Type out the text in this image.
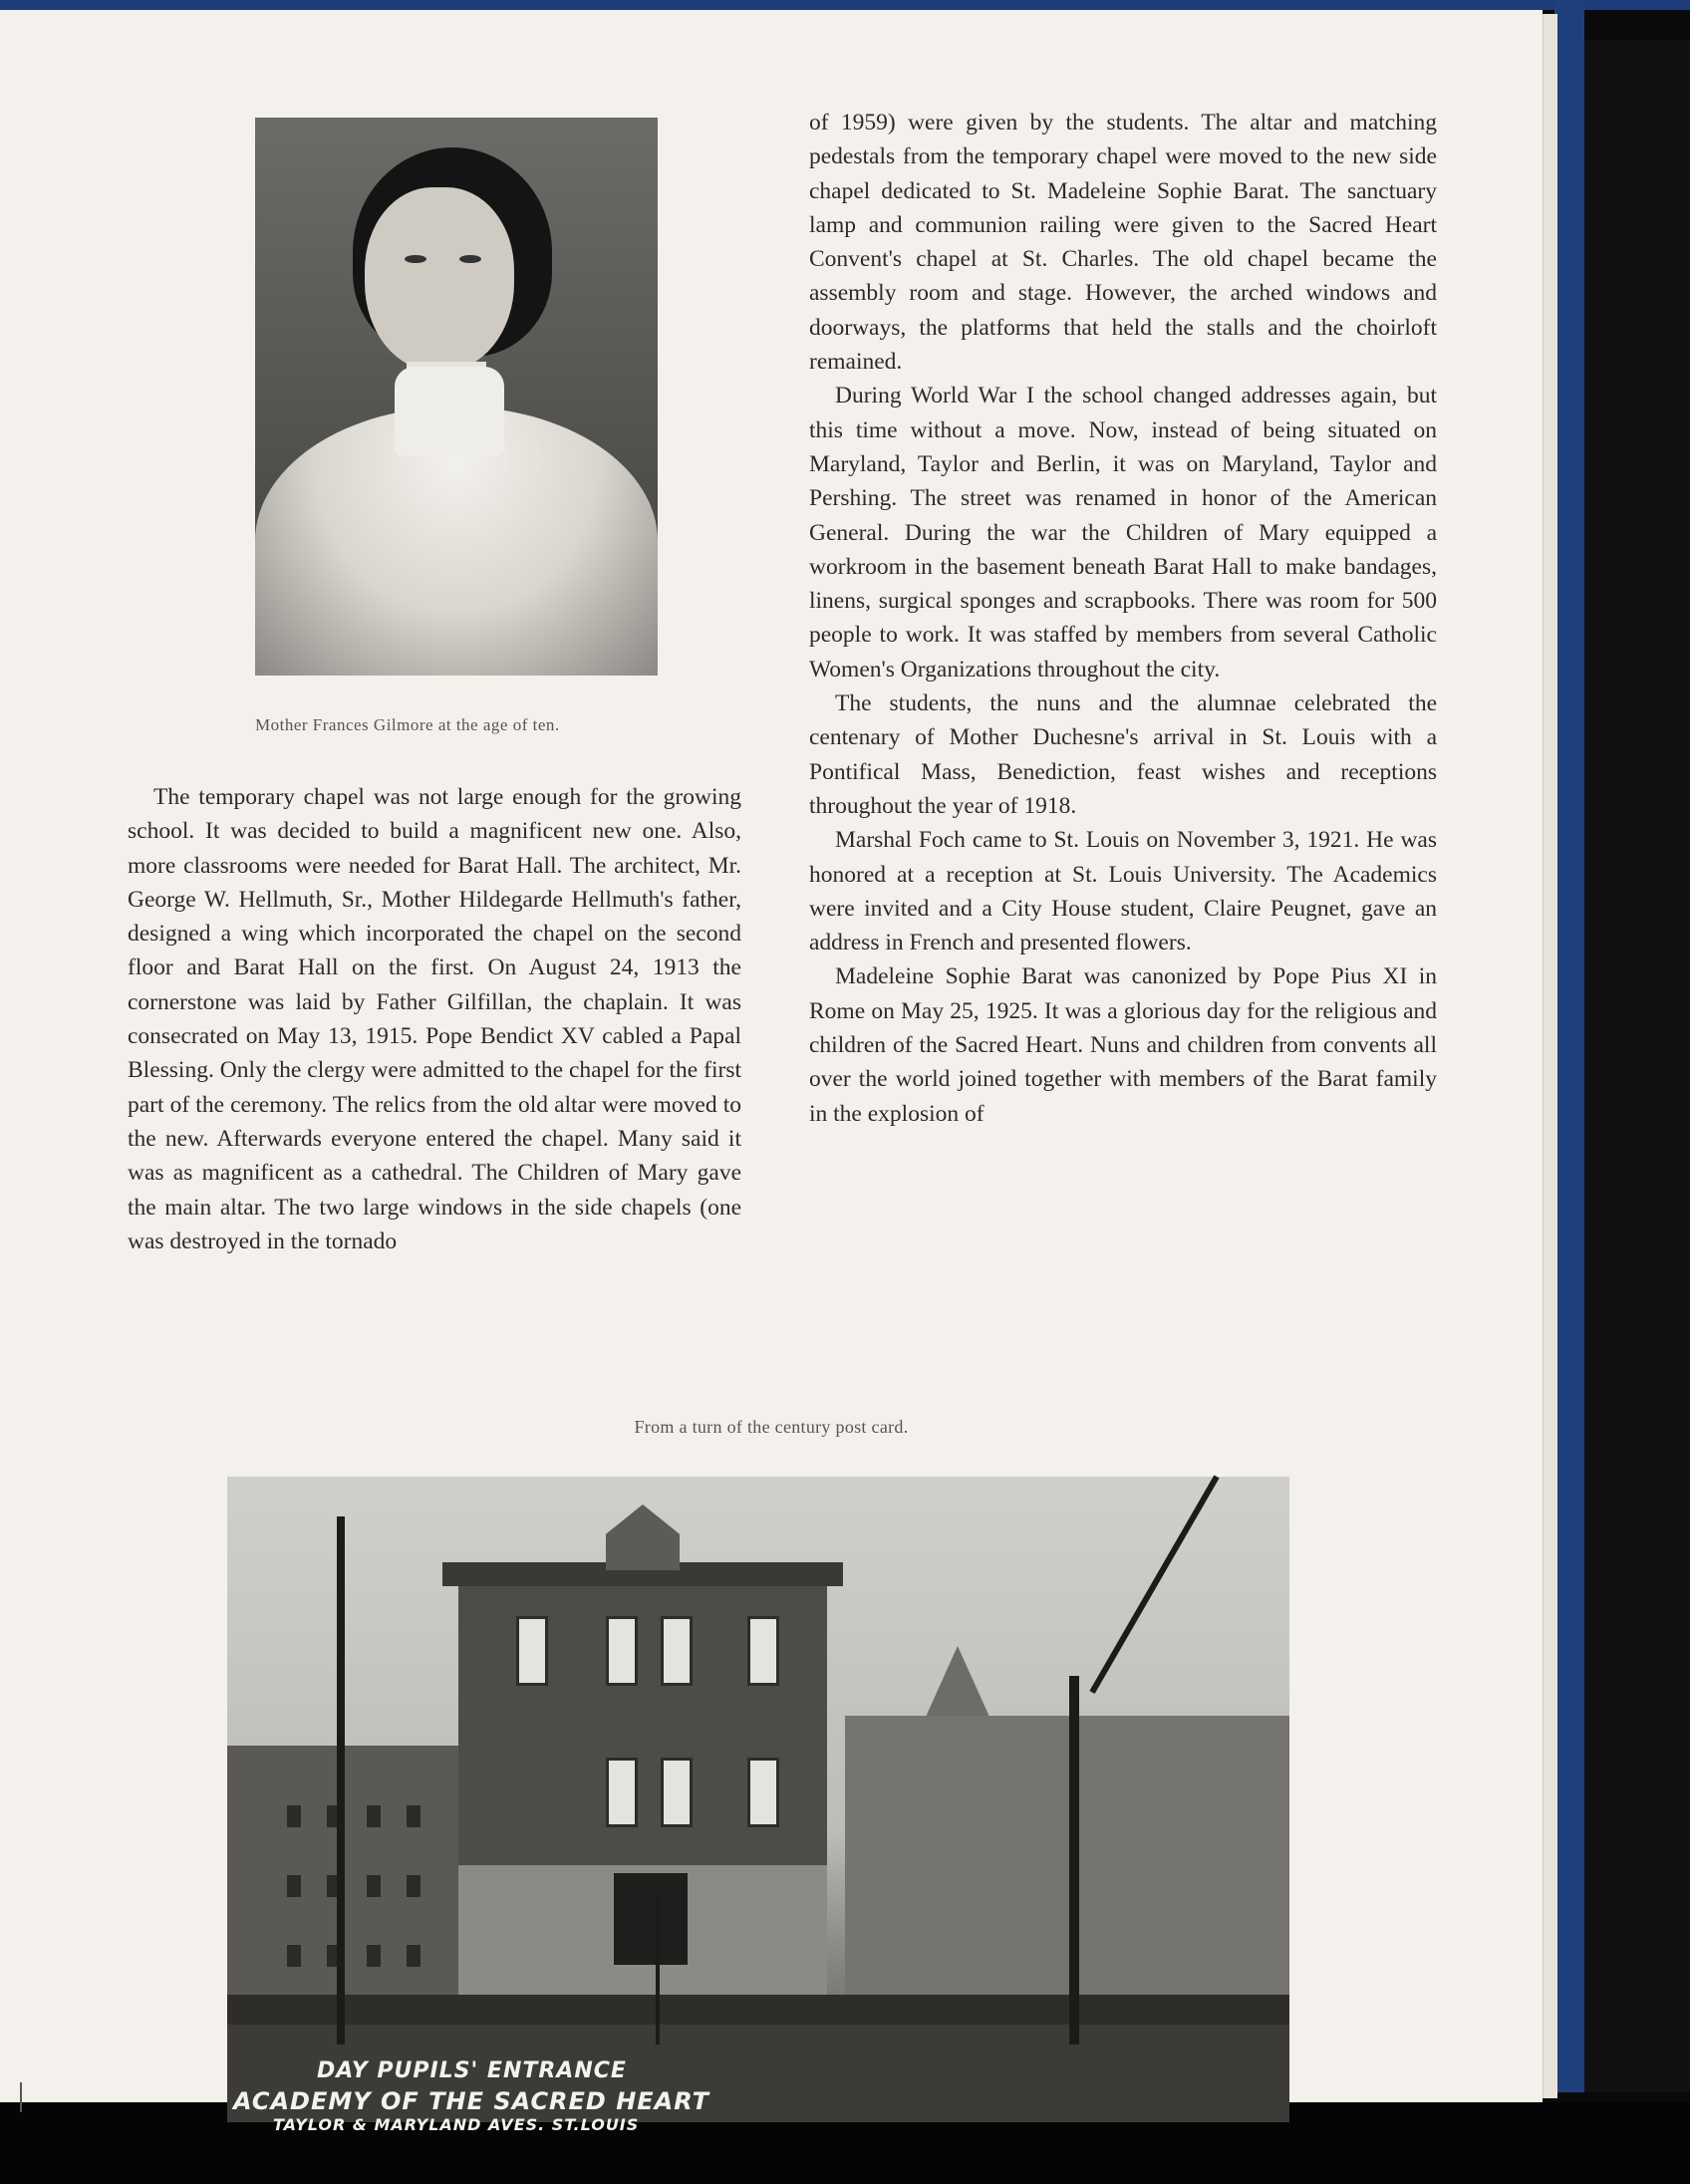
Mother Frances Gilmore at the age of ten.

The temporary chapel was not large enough for the growing school. It was decided to build a magnificent new one. Also, more classrooms were needed for Barat Hall. The architect, Mr. George W. Hellmuth, Sr., Mother Hildegarde Hellmuth's father, designed a wing which incorporated the chapel on the second floor and Barat Hall on the first. On August 24, 1913 the cornerstone was laid by Father Gilfillan, the chaplain. It was consecrated on May 13, 1915. Pope Bendict XV cabled a Papal Blessing. Only the clergy were admitted to the chapel for the first part of the ceremony. The relics from the old altar were moved to the new. Afterwards everyone entered the chapel. Many said it was as magnificent as a cathedral. The Children of Mary gave the main altar. The two large windows in the side chapels (one was destroyed in the tornado

of 1959) were given by the students. The altar and matching pedestals from the temporary chapel were moved to the new side chapel dedicated to St. Madeleine Sophie Barat. The sanctuary lamp and communion railing were given to the Sacred Heart Convent's chapel at St. Charles. The old chapel became the assembly room and stage. However, the arched windows and doorways, the platforms that held the stalls and the choirloft remained.

During World War I the school changed addresses again, but this time without a move. Now, instead of being situated on Maryland, Taylor and Berlin, it was on Maryland, Taylor and Pershing. The street was renamed in honor of the American General. During the war the Children of Mary equipped a workroom in the basement beneath Barat Hall to make bandages, linens, surgical sponges and scrapbooks. There was room for 500 people to work. It was staffed by members from several Catholic Women's Organizations throughout the city.

The students, the nuns and the alumnae celebrated the centenary of Mother Duchesne's arrival in St. Louis with a Pontifical Mass, Benediction, feast wishes and receptions throughout the year of 1918.

Marshal Foch came to St. Louis on November 3, 1921. He was honored at a reception at St. Louis University. The Academics were invited and a City House student, Claire Peugnet, gave an address in French and presented flowers.

Madeleine Sophie Barat was canonized by Pope Pius XI in Rome on May 25, 1925. It was a glorious day for the religious and children of the Sacred Heart. Nuns and children from convents all over the world joined together with members of the Barat family in the explosion of

From a turn of the century post card.
DAY PUPILS' ENTRANCE
ACADEMY OF THE SACRED HEART
TAYLOR & MARYLAND AVES. ST.LOUIS
